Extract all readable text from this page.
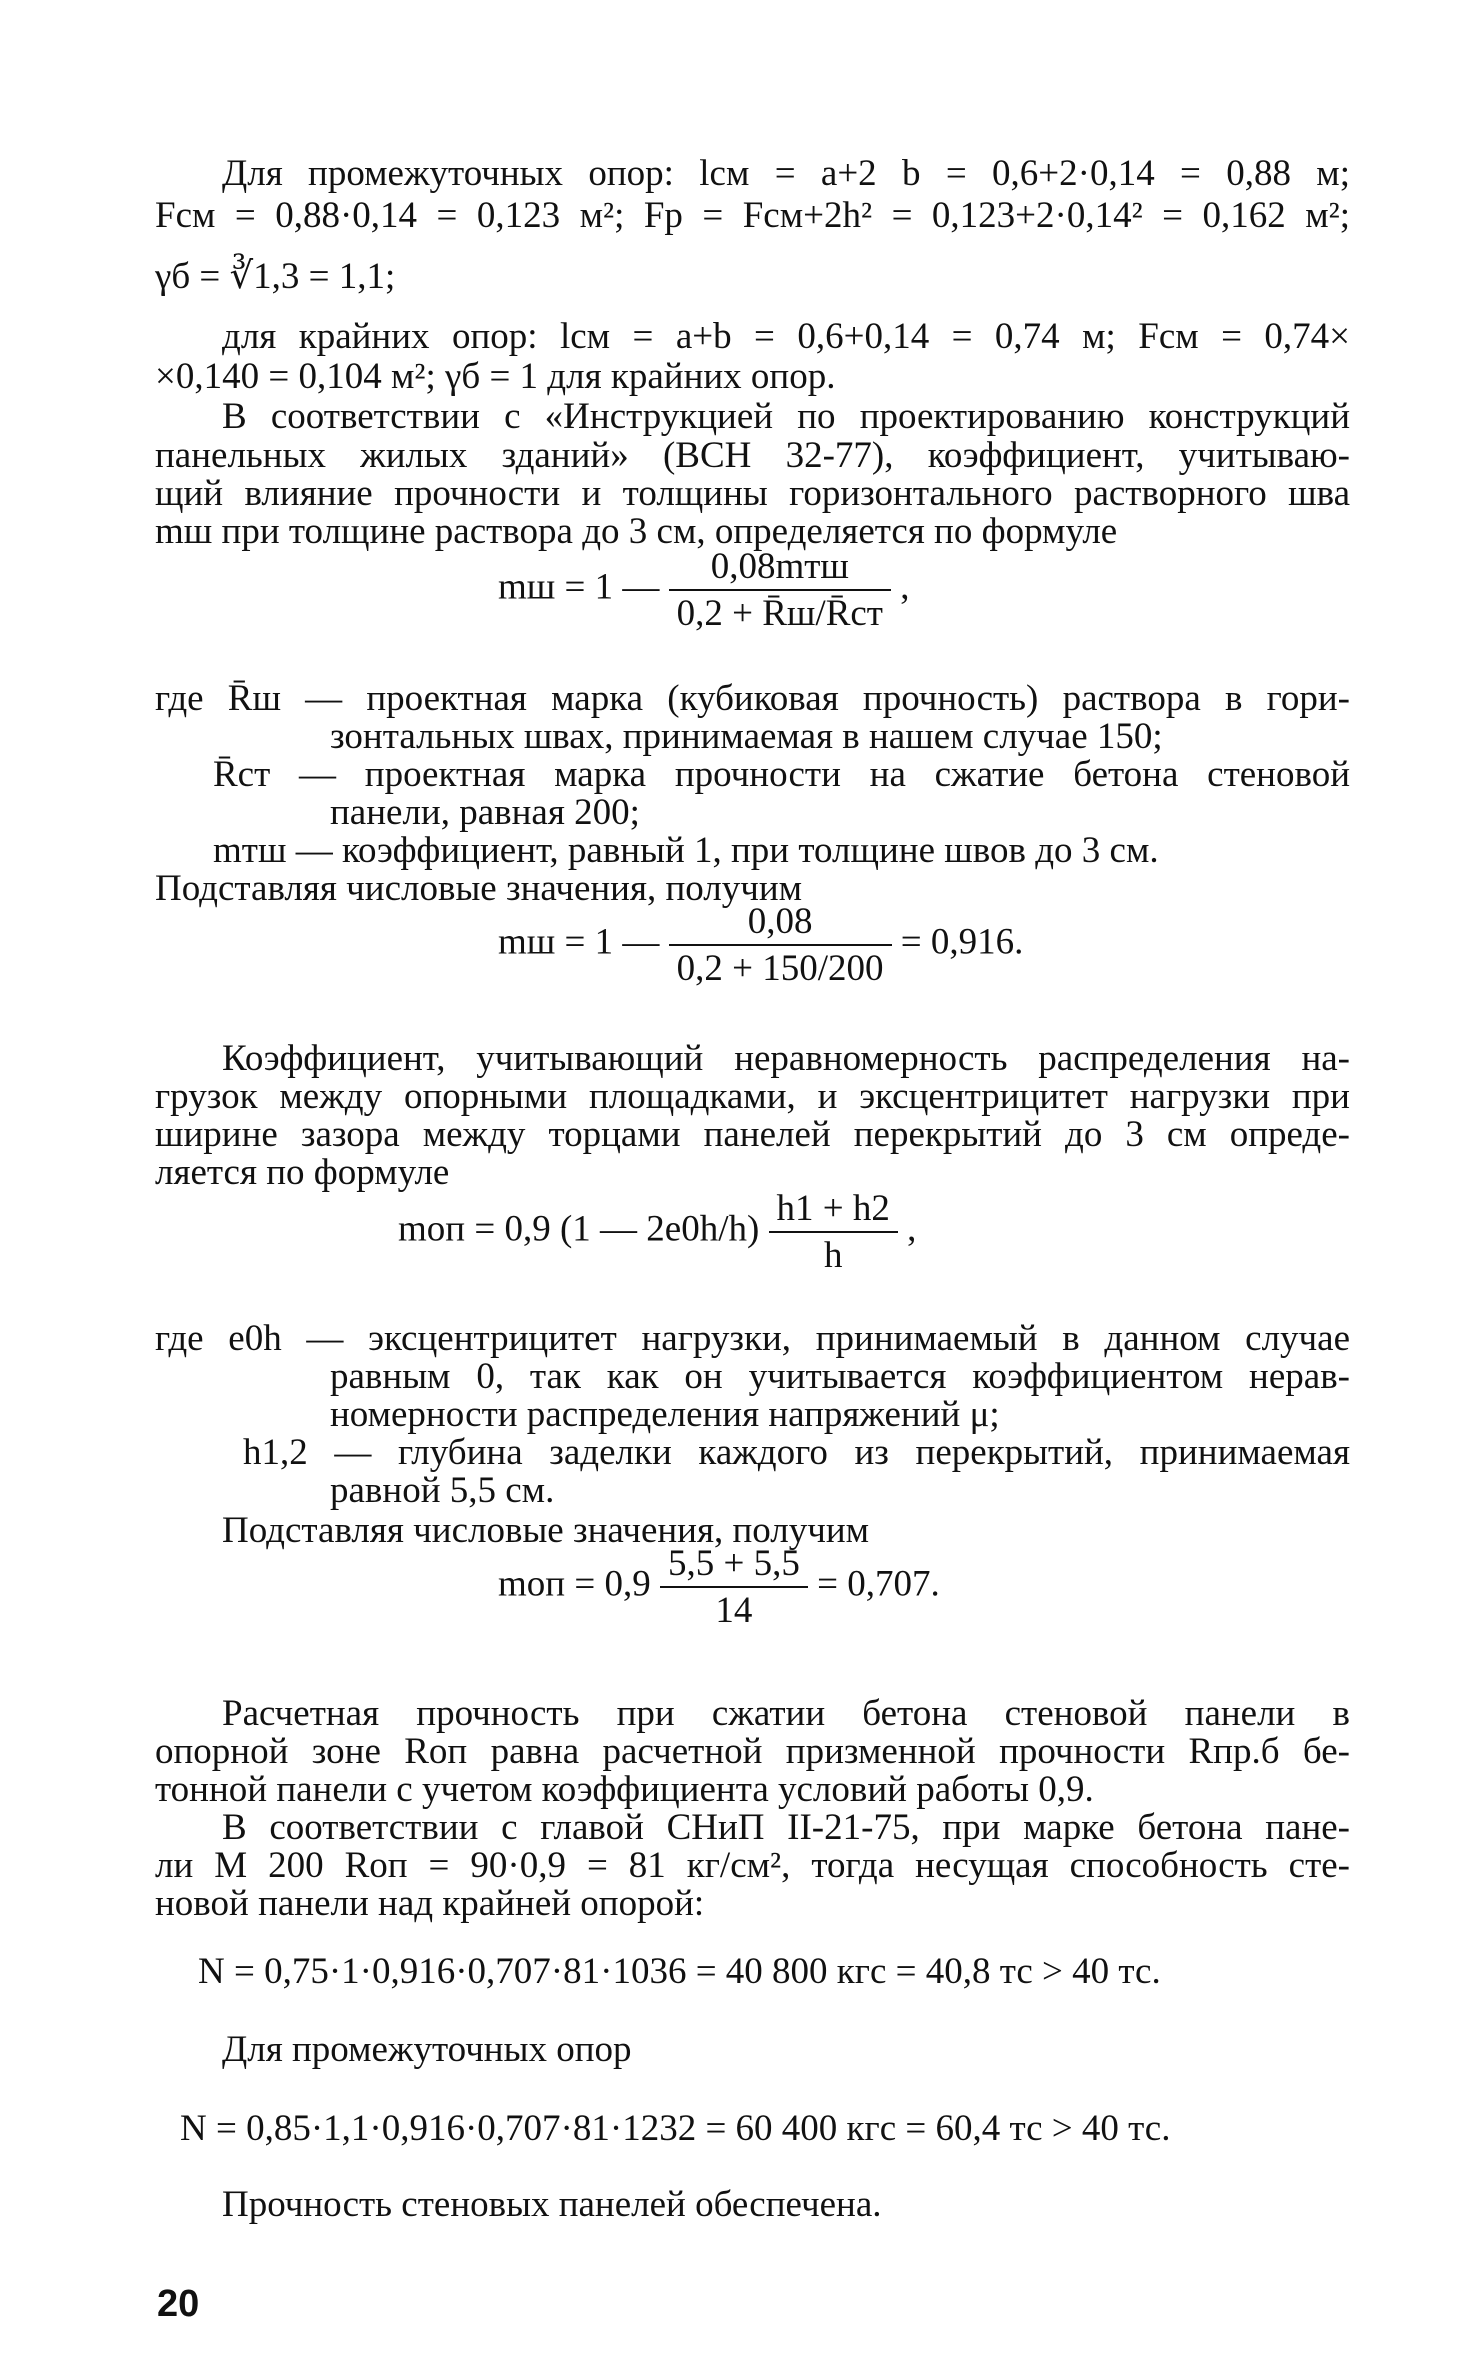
Для промежуточных опор: lсм = a+2 b = 0,6+2·0,14 = 0,88 м;
Fсм = 0,88·0,14 = 0,123 м²; Fр = Fсм+2h² = 0,123+2·0,14² = 0,162 м²;
γб = ∛1,3 = 1,1;
для крайних опор: lсм = a+b = 0,6+0,14 = 0,74 м; Fсм = 0,74×
×0,140 = 0,104 м²; γб = 1 для крайних опор.
В соответствии с «Инструкцией по проектированию конструкций
панельных жилых зданий» (ВСН 32-77), коэффициент, учитываю-
щий влияние прочности и толщины горизонтального растворного шва
mш при толщине раствора до 3 см, определяется по формуле
mш = 1 — $\frac{\text{0,08mтш}}{0,2 + R̄ш/R̄ст}$ ,
где R̄ш — проектная марка (кубиковая прочность) раствора в гори-
зонтальных швах, принимаемая в нашем случае 150;
R̄ст — проектная марка прочности на сжатие бетона стеновой
панели, равная 200;
mтш — коэффициент, равный 1, при толщине швов до 3 см.
Подставляя числовые значения, получим
mш = 1 — $\frac{0,08}{0,2 + 150/200} = 0,916$.
Коэффициент, учитывающий неравномерность распределения на-
грузок между опорными площадками, и эксцентрицитет нагрузки при
ширине зазора между торцами панелей перекрытий до 3 см опреде-
ляется по формуле
mоп = 0,9 (1 — $2e0h/h) \frac{h1 + h2}{h}$ ,
где e0h — эксцентрицитет нагрузки, принимаемый в данном случае
равным 0, так как он учитывается коэффициентом нерав-
номерности распределения напряжений μ;
h1,2 — глубина заделки каждого из перекрытий, принимаемая
равной 5,5 см.
Подставляя числовые значения, получим
mоп = $0,9 \frac{5,5 + 5,5}{14} = 0,707$.
Расчетная прочность при сжатии бетона стеновой панели в
опорной зоне Rоп равна расчетной призменной прочности Rпр.б бе-
тонной панели с учетом коэффициента условий работы 0,9.
В соответствии с главой СНиП II-21-75, при марке бетона пане-
ли М 200 Rоп = 90·0,9 = 81 кг/см², тогда несущая способность сте-
новой панели над крайней опорой:
N = 0,75·1·0,916·0,707·81·1036 = 40 800 кгс = 40,8 тс > 40 тс.
Для промежуточных опор
N = 0,85·1,1·0,916·0,707·81·1232 = 60 400 кгс = 60,4 тс > 40 тс.
Прочность стеновых панелей обеспечена.
20
